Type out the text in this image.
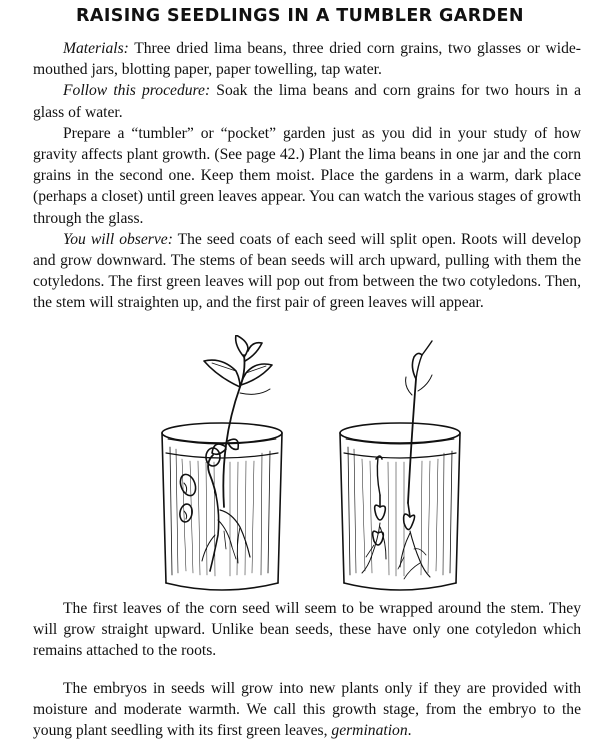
RAISING SEEDLINGS IN A TUMBLER GARDEN

Materials: Three dried lima beans, three dried corn grains, two glasses or wide-mouthed jars, blotting paper, paper towelling, tap water.

Follow this procedure: Soak the lima beans and corn grains for two hours in a glass of water.

Prepare a “tumbler” or “pocket” garden just as you did in your study of how gravity affects plant growth. (See page 42.) Plant the lima beans in one jar and the corn grains in the second one. Keep them moist. Place the gardens in a warm, dark place (perhaps a closet) until green leaves appear. You can watch the various stages of growth through the glass.

You will observe: The seed coats of each seed will split open. Roots will develop and grow downward. The stems of bean seeds will arch upward, pulling with them the cotyledons. The first green leaves will pop out from between the two cotyledons. Then, the stem will straighten up, and the first pair of green leaves will appear.

The first leaves of the corn seed will seem to be wrapped around the stem. They will grow straight upward. Unlike bean seeds, these have only one cotyledon which remains attached to the roots.

The embryos in seeds will grow into new plants only if they are provided with moisture and moderate warmth. We call this growth stage, from the embryo to the young plant seedling with its first green leaves, germination.
